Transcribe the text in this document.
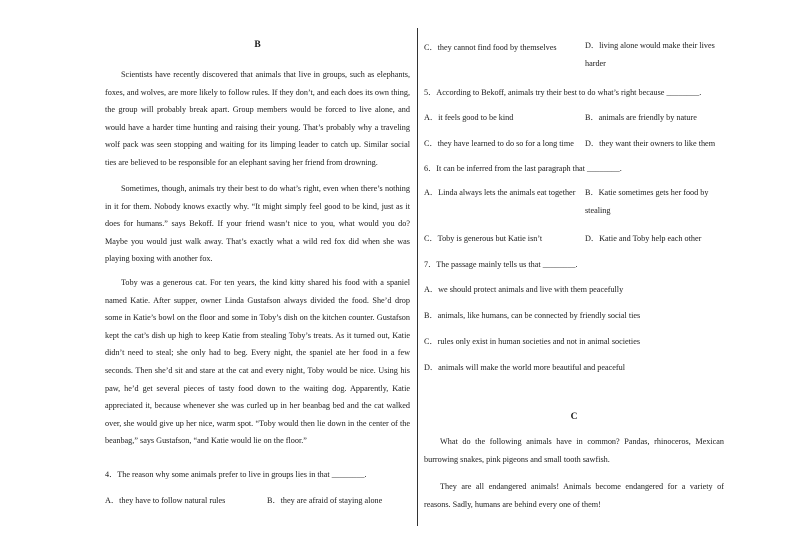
B

Scientists have recently discovered that animals that live in groups, such as elephants, foxes, and wolves, are more likely to follow rules. If they don’t, and each does its own thing, the group will probably break apart. Group members would be forced to live alone, and would have a harder time hunting and raising their young. That’s probably why a traveling wolf pack was seen stopping and waiting for its limping leader to catch up. Similar social ties are believed to be responsible for an elephant saving her friend from drowning.

Sometimes, though, animals try their best to do what’s right, even when there’s nothing in it for them. Nobody knows exactly why. “It might simply feel good to be kind, just as it does for humans.” says Bekoff. If your friend wasn’t nice to you, what would you do? Maybe you would just walk away. That’s exactly what a wild red fox did when she was playing boxing with another fox.

Toby was a generous cat. For ten years, the kind kitty shared his food with a spaniel named Katie. After supper, owner Linda Gustafson always divided the food. She’d drop some in Katie’s bowl on the floor and some in Toby’s dish on the kitchen counter. Gustafson kept the cat’s dish up high to keep Katie from stealing Toby’s treats. As it turned out, Katie didn’t need to steal; she only had to beg. Every night, the spaniel ate her food in a few seconds. Then she’d sit and stare at the cat and every night, Toby would be nice. Using his paw, he’d get several pieces of tasty food down to the waiting dog. Apparently, Katie appreciated it, because whenever she was curled up in her beanbag bed and the cat walked over, she would give up her nice, warm spot. “Toby would then lie down in the center of the beanbag,” says Gustafson, “and Katie would lie on the floor.”

4．The reason why some animals prefer to live in groups lies in that ________.
A．they have to follow natural rules	B．they are afraid of staying alone
C．they cannot find food by themselves	D．living alone would make their lives harder
5．According to Bekoff, animals try their best to do what’s right because ________.
A．it feels good to be kind	B．animals are friendly by nature
C．they have learned to do so for a long time D．they want their owners to like them
6．It can be inferred from the last paragraph that ________.
A．Linda always lets the animals eat together	B．Katie sometimes gets her food by stealing
C．Toby is generous but Katie isn’t	D．Katie and Toby help each other
7．The passage mainly tells us that ________.
A．we should protect animals and live with them peacefully
B．animals, like humans, can be connected by friendly social ties
C．rules only exist in human societies and not in animal societies
D．animals will make the world more beautiful and peaceful
C

What do the following animals have in common? Pandas, rhinoceros, Mexican burrowing snakes, pink pigeons and small tooth sawfish.

They are all endangered animals! Animals become endangered for a variety of reasons. Sadly, humans are behind every one of them!
